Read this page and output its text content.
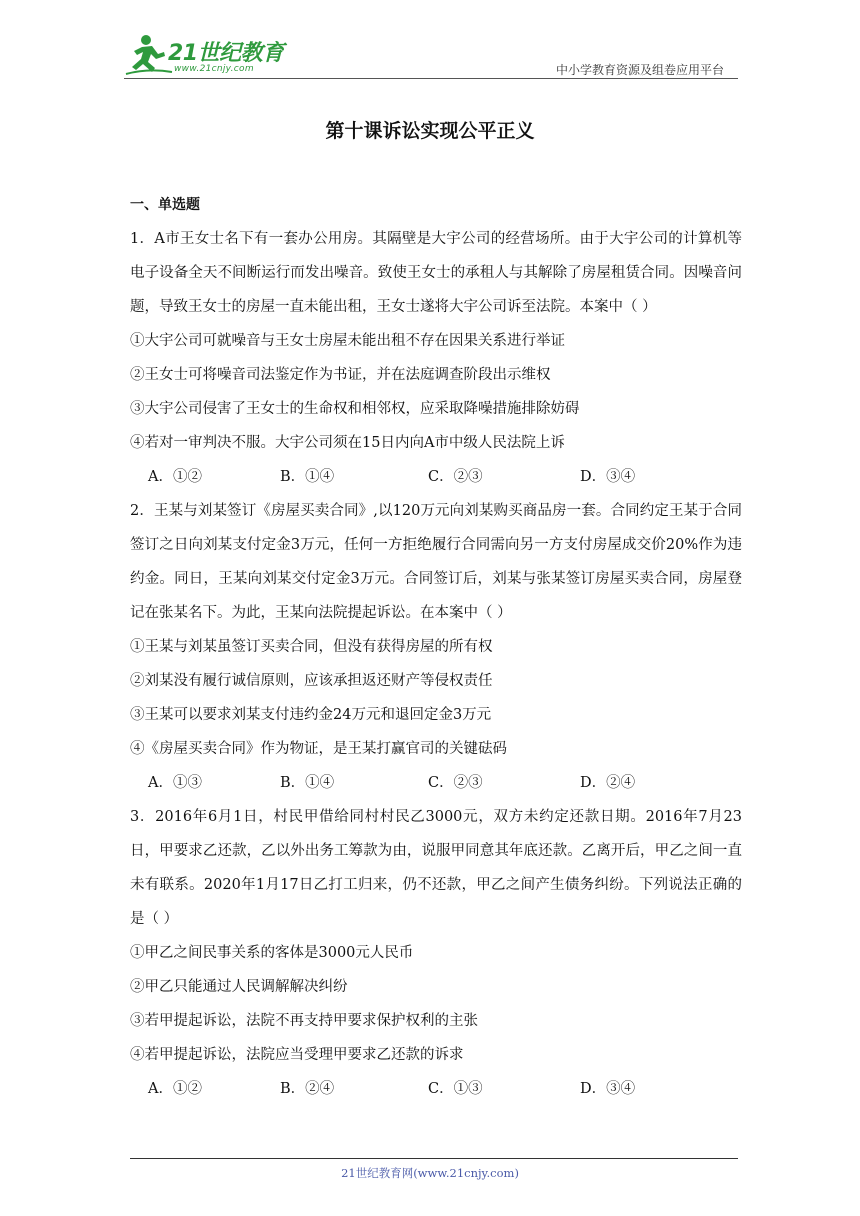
21世纪教育
www.21cnjy.com	中小学教育资源及组卷应用平台
第十课诉讼实现公平正义
一、单选题

1．A市王女士名下有一套办公用房。其隔壁是大宇公司的经营场所。由于大宇公司的计算机等电子设备全天不间断运行而发出噪音。致使王女士的承租人与其解除了房屋租赁合同。因噪音问题，导致王女士的房屋一直未能出租，王女士遂将大宇公司诉至法院。本案中（ ）

①大宇公司可就噪音与王女士房屋未能出租不存在因果关系进行举证
②王女士可将噪音司法鉴定作为书证，并在法庭调查阶段出示维权
③大宇公司侵害了王女士的生命权和相邻权，应采取降噪措施排除妨碍
④若对一审判决不服。大宇公司须在15日内向A市中级人民法院上诉
A．①②	B．①④	C．②③	D．③④

2．王某与刘某签订《房屋买卖合同》,以120万元向刘某购买商品房一套。合同约定王某于合同签订之日向刘某支付定金3万元，任何一方拒绝履行合同需向另一方支付房屋成交价20%作为违约金。同日，王某向刘某交付定金3万元。合同签订后，刘某与张某签订房屋买卖合同，房屋登记在张某名下。为此，王某向法院提起诉讼。在本案中（ ）

①王某与刘某虽签订买卖合同，但没有获得房屋的所有权
②刘某没有履行诚信原则，应该承担返还财产等侵权责任
③王某可以要求刘某支付违约金24万元和退回定金3万元
④《房屋买卖合同》作为物证，是王某打赢官司的关键砝码
A．①③	B．①④	C．②③	D．②④

3．2016年6月1日，村民甲借给同村村民乙3000元，双方未约定还款日期。2016年7月23日，甲要求乙还款，乙以外出务工筹款为由，说服甲同意其年底还款。乙离开后，甲乙之间一直未有联系。2020年1月17日乙打工归来，仍不还款，甲乙之间产生债务纠纷。下列说法正确的是（ ）

①甲乙之间民事关系的客体是3000元人民币
②甲乙只能通过人民调解解决纠纷
③若甲提起诉讼，法院不再支持甲要求保护权利的主张
④若甲提起诉讼，法院应当受理甲要求乙还款的诉求
A．①②	B．②④	C．①③	D．③④
21世纪教育网(www.21cnjy.com)
